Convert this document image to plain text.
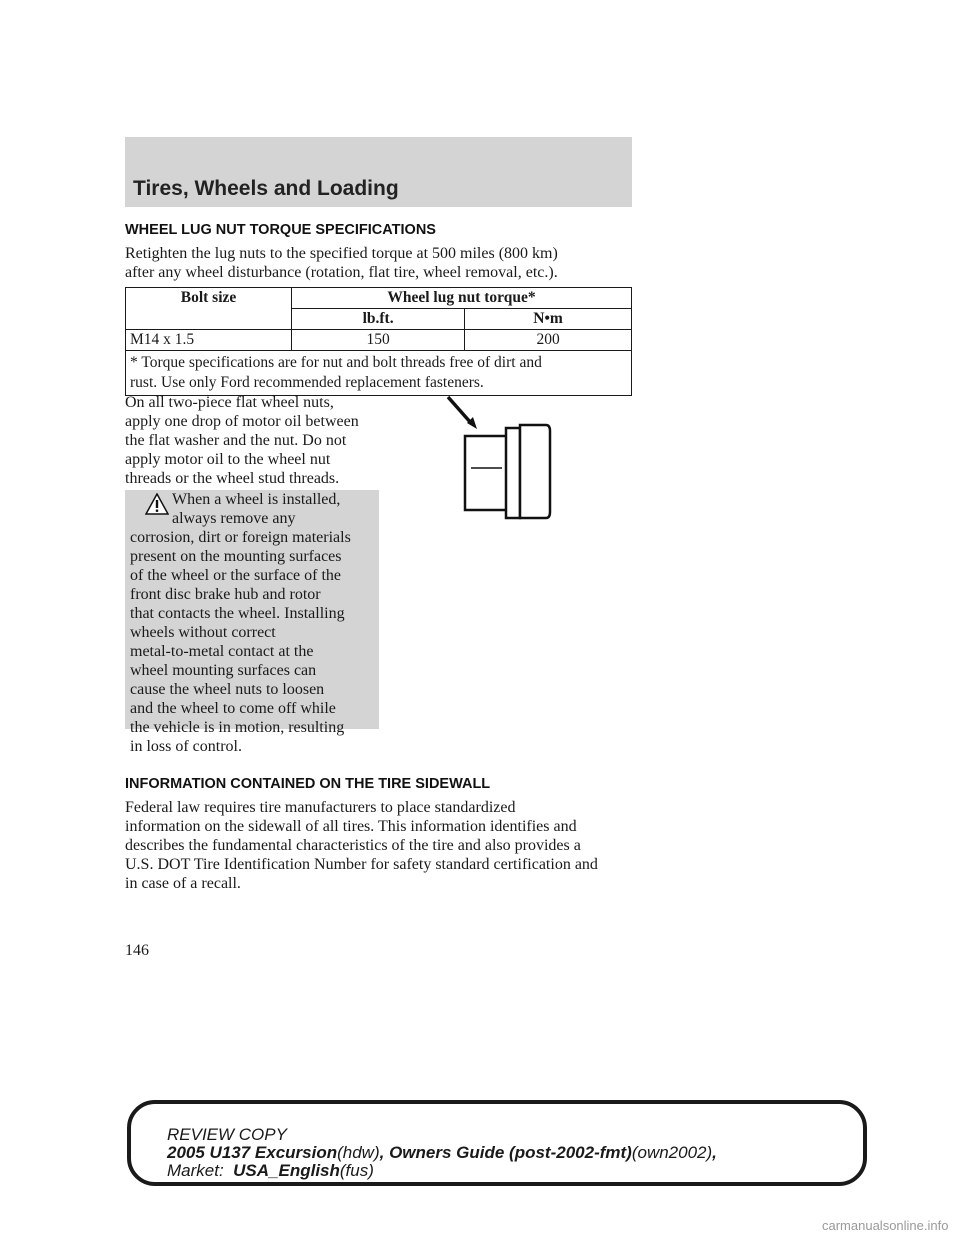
Tires, Wheels and Loading
WHEEL LUG NUT TORQUE SPECIFICATIONS
Retighten the lug nuts to the specified torque at 500 miles (800 km)
after any wheel disturbance (rotation, flat tire, wheel removal, etc.).
Bolt size	Wheel lug nut torque*	
	lb.ft.	N•m
M14 x 1.5	150	200

* Torque specifications are for nut and bolt threads free of dirt and
rust. Use only Ford recommended replacement fasteners.		
On all two-piece flat wheel nuts,
apply one drop of motor oil between
the flat washer and the nut. Do not
apply motor oil to the wheel nut
threads or the wheel stud threads.
When a wheel is installed,
always remove any
corrosion, dirt or foreign materials
present on the mounting surfaces
of the wheel or the surface of the
front disc brake hub and rotor
that contacts the wheel. Installing
wheels without correct
metal-to-metal contact at the
wheel mounting surfaces can
cause the wheel nuts to loosen
and the wheel to come off while
the vehicle is in motion, resulting
in loss of control.
INFORMATION CONTAINED ON THE TIRE SIDEWALL
Federal law requires tire manufacturers to place standardized
information on the sidewall of all tires. This information identifies and
describes the fundamental characteristics of the tire and also provides a
U.S. DOT Tire Identification Number for safety standard certification and
in case of a recall.
146
REVIEW COPY
2005 U137 Excursion(hdw), Owners Guide (post-2002-fmt)(own2002),
Market: USA_English(fus)
carmanualsonline.info
